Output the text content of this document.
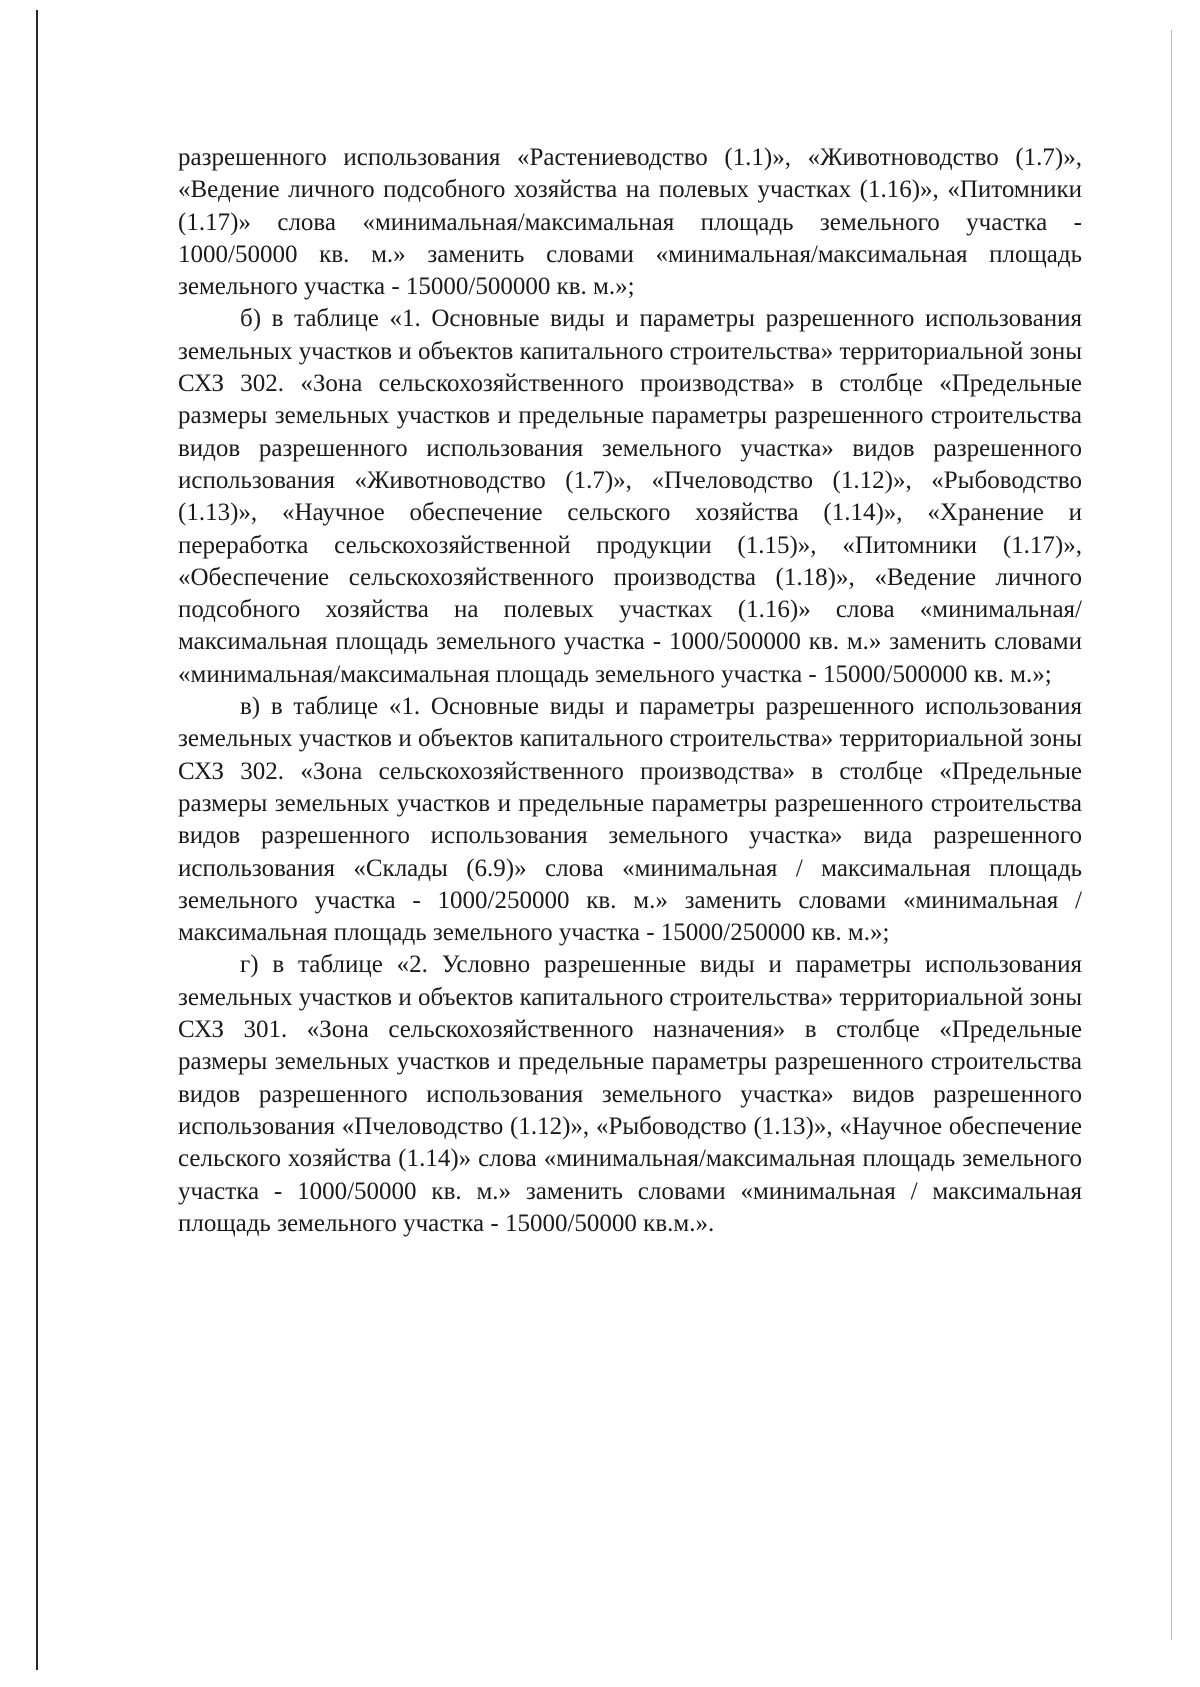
разрешенного использования «Растениеводство (1.1)», «Животноводство (1.7)», «Ведение личного подсобного хозяйства на полевых участках (1.16)», «Питомники (1.17)» слова «минимальная/максимальная площадь земельного участка - 1000/50000 кв. м.» заменить словами «минимальная/максимальная площадь земельного участка - 15000/500000 кв. м.»;

б) в таблице «1. Основные виды и параметры разрешенного использования земельных участков и объектов капитального строительства» территориальной зоны СХЗ 302. «Зона сельскохозяйственного производства» в столбце «Предельные размеры земельных участков и предельные параметры разрешенного строительства видов разрешенного использования земельного участка» видов разрешенного использования «Животноводство (1.7)», «Пчеловодство (1.12)», «Рыбоводство (1.13)», «Научное обеспечение сельского хозяйства (1.14)», «Хранение и переработка сельскохозяйственной продукции (1.15)», «Питомники (1.17)», «Обеспечение сельскохозяйственного производства (1.18)», «Ведение личного подсобного хозяйства на полевых участках (1.16)» слова «минимальная/максимальная площадь земельного участка - 1000/500000 кв. м.» заменить словами «минимальная/максимальная площадь земельного участка - 15000/500000 кв. м.»;

в) в таблице «1. Основные виды и параметры разрешенного использования земельных участков и объектов капитального строительства» территориальной зоны СХЗ 302. «Зона сельскохозяйственного производства» в столбце «Предельные размеры земельных участков и предельные параметры разрешенного строительства видов разрешенного использования земельного участка» вида разрешенного использования «Склады (6.9)» слова «минимальная / максимальная площадь земельного участка - 1000/250000 кв. м.» заменить словами «минимальная / максимальная площадь земельного участка - 15000/250000 кв. м.»;

г) в таблице «2. Условно разрешенные виды и параметры использования земельных участков и объектов капитального строительства» территориальной зоны СХЗ 301. «Зона сельскохозяйственного назначения» в столбце «Предельные размеры земельных участков и предельные параметры разрешенного строительства видов разрешенного использования земельного участка» видов разрешенного использования «Пчеловодство (1.12)», «Рыбоводство (1.13)», «Научное обеспечение сельского хозяйства (1.14)» слова «минимальная/максимальная площадь земельного участка - 1000/50000 кв. м.» заменить словами «минимальная / максимальная площадь земельного участка - 15000/50000 кв.м.».
